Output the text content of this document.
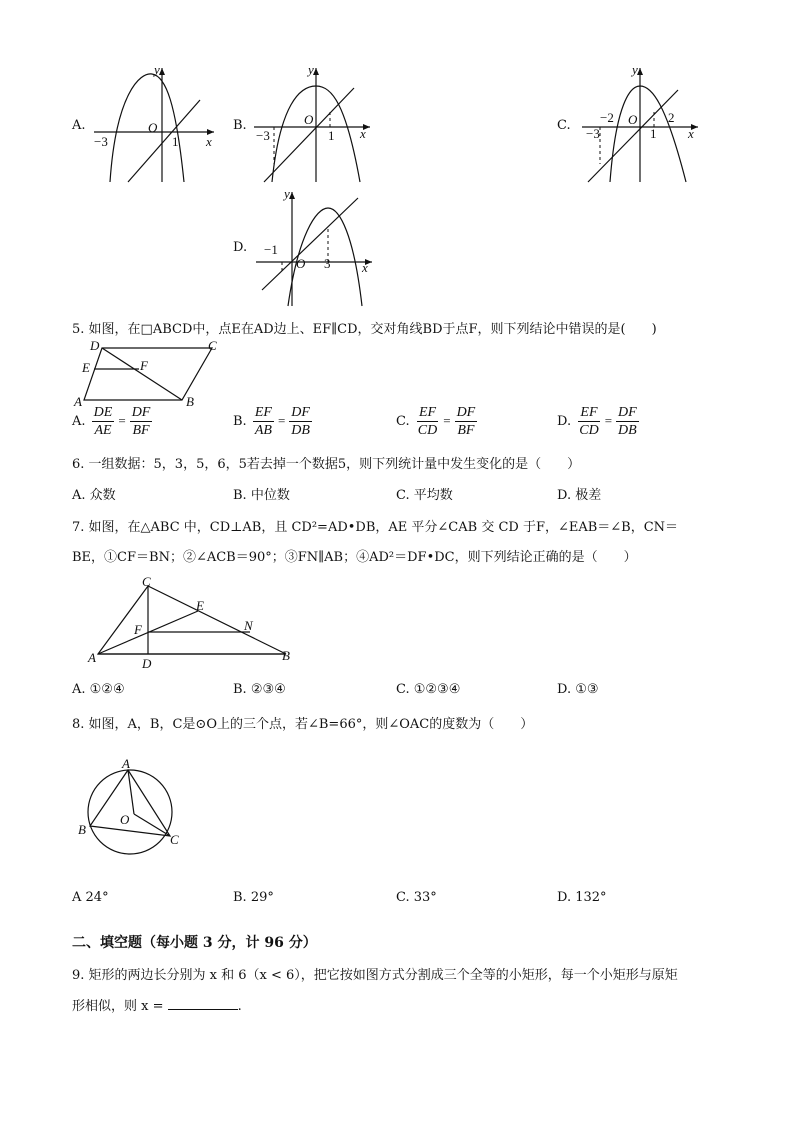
A.
y
x
O
−3	1
B.
y
x
O
−3	1
C.
y
x
O
−3
−2
1
2
D.
y
x
O
−1
3
5. 如图，在□ABCD中，点E在AD边上、EF∥CD，交对角线BD于点F，则下列结论中错误的是(　　)
A	B
C
D
E	F
A. $\frac{DE}{AE} = \frac{DF}{BF}$	B. $\frac{EF}{AB} = \frac{DF}{DB}$	C. $\frac{EF}{CD} = \frac{DF}{BF}$	D. $\frac{EF}{CD} = \frac{DF}{DB}$
6. 一组数据：5，3，5，6，5若去掉一个数据5，则下列统计量中发生变化的是（　　）
A. 众数	B. 中位数	C. 平均数	D. 极差
7. 如图，在△ABC 中，CD⊥AB，且 CD²=AD•DB，AE 平分∠CAB 交 CD 于F，∠EAB＝∠B，CN＝
BE，①CF＝BN；②∠ACB＝90°；③FN∥AB；④AD²＝DF•DC，则下列结论正确的是（　　）
A	B
C
D
E
F	N
A. ①②④	B. ②③④	C. ①②③④	D. ①③
8. 如图，A，B，C是⊙O上的三个点，若∠B=66°，则∠OAC的度数为（　　）
A
B
C
O
A 24°	B. 29°	C. 33°	D. 132°
二、填空题（每小题 3 分，计 96 分）
9. 矩形的两边长分别为 x 和 6（x < 6），把它按如图方式分割成三个全等的小矩形，每一个小矩形与原矩
形相似，则 x =	.
